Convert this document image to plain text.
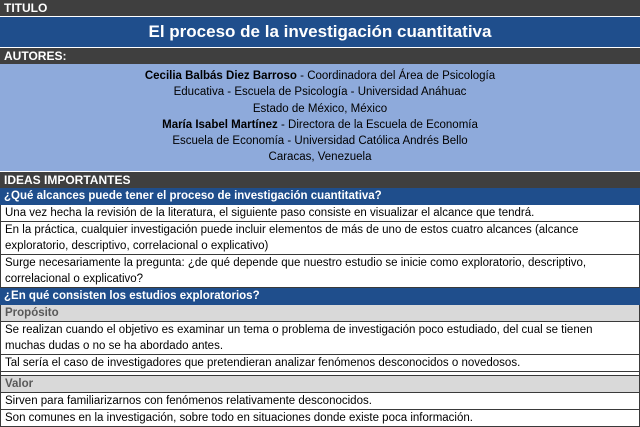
TITULO
El proceso de la investigación cuantitativa
AUTORES:
Cecilia Balbás Diez Barroso - Coordinadora del Área de Psicología
Educativa - Escuela de Psicología - Universidad Anáhuac
Estado de México, México
María Isabel Martínez - Directora de la Escuela de Economía
Escuela de Economía - Universidad Católica Andrés Bello
Caracas, Venezuela
IDEAS IMPORTANTES
¿Qué alcances puede tener el proceso de investigación cuantitativa?
Una vez hecha la revisión de la literatura, el siguiente paso consiste en visualizar el alcance que tendrá.
En la práctica, cualquier investigación puede incluir elementos de más de uno de estos cuatro alcances (alcance exploratorio, descriptivo, correlacional o explicativo)
Surge necesariamente la pregunta: ¿de qué depende que nuestro estudio se inicie como exploratorio, descriptivo, correlacional o explicativo?
¿En qué consisten los estudios exploratorios?
Propósito
Se realizan cuando el objetivo es examinar un tema o problema de investigación poco estudiado, del cual se tienen muchas dudas o no se ha abordado antes.
Tal sería el caso de investigadores que pretendieran analizar fenómenos desconocidos o novedosos.
Valor
Sirven para familiarizarnos con fenómenos relativamente desconocidos.
Son comunes en la investigación, sobre todo en situaciones donde existe poca información.
